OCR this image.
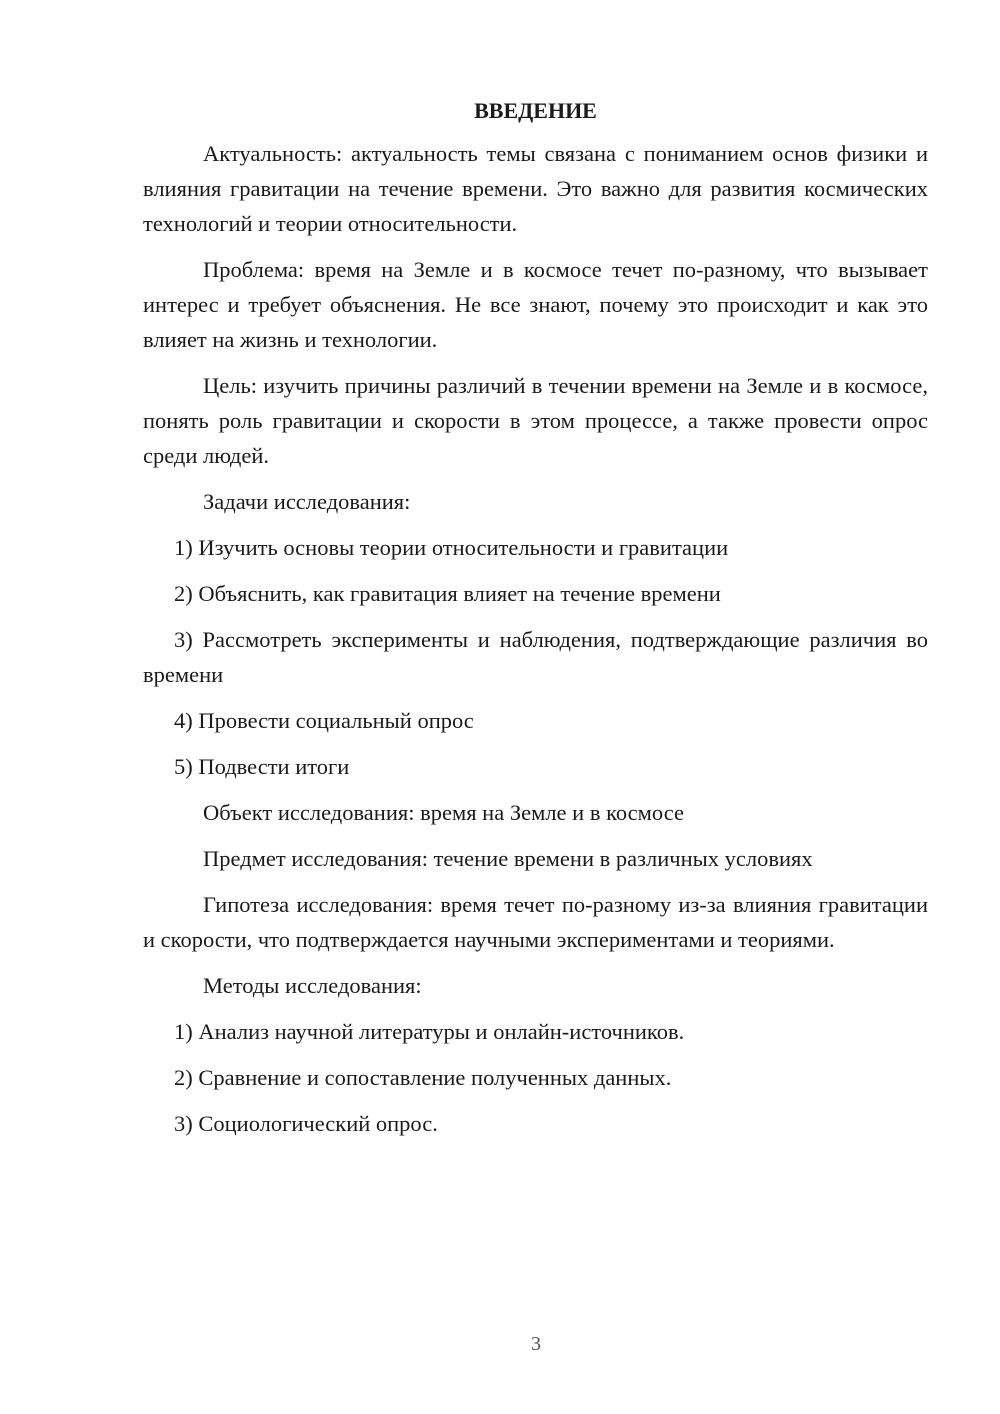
ВВЕДЕНИЕ

Актуальность: актуальность темы связана с пониманием основ физики и влияния гравитации на течение времени. Это важно для развития космических технологий и теории относительности.

Проблема: время на Земле и в космосе течет по-разному, что вызывает интерес и требует объяснения. Не все знают, почему это происходит и как это влияет на жизнь и технологии.

Цель: изучить причины различий в течении времени на Земле и в космосе, понять роль гравитации и скорости в этом процессе, а также провести опрос среди людей.

Задачи исследования:

1) Изучить основы теории относительности и гравитации

2) Объяснить, как гравитация влияет на течение времени

3) Рассмотреть эксперименты и наблюдения, подтверждающие различия во времени

4) Провести социальный опрос

5) Подвести итоги

Объект исследования: время на Земле и в космосе

Предмет исследования: течение времени в различных условиях

Гипотеза исследования: время течет по-разному из-за влияния гравитации и скорости, что подтверждается научными экспериментами и теориями.

Методы исследования:

1) Анализ научной литературы и онлайн-источников.

2) Сравнение и сопоставление полученных данных.

3) Социологический опрос.

3
